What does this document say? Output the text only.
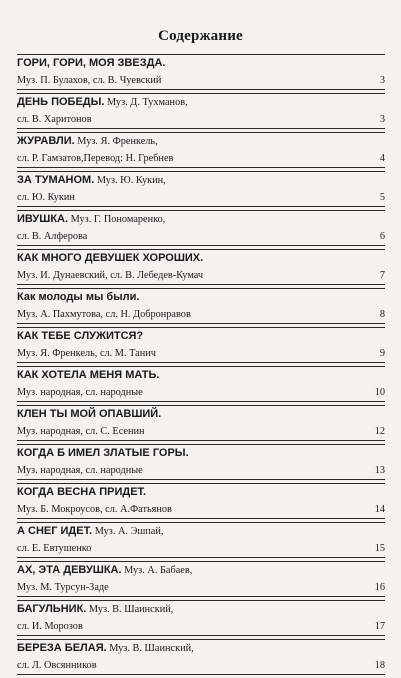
Содержание
ГОРИ, ГОРИ, МОЯ ЗВЕЗДА.
Муз. П. Булахов, сл. В. Чуевский	3
ДЕНЬ ПОБЕДЫ. Муз. Д. Тухманов,
сл. В. Харитонов	3
ЖУРАВЛИ. Муз. Я. Френкель,
сл. Р. Гамзатов,Перевод: Н. Гребнев	4
ЗА ТУМАНОМ. Муз. Ю. Кукин,
сл. Ю. Кукин	5
ИВУШКА. Муз. Г. Пономаренко,
сл. В. Алферова	6
КАК МНОГО ДЕВУШЕК ХОРОШИХ.
Муз. И. Дунаевский, сл. В. Лебедев-Кумач	7
Как молоды мы были.
Муз. А. Пахмутова, сл. Н. Добронравов	8
КАК ТЕБЕ СЛУЖИТСЯ?
Муз. Я. Френкель, сл. М. Танич	9
КАК ХОТЕЛА МЕНЯ МАТЬ.
Муз. народная, сл. народные	10
КЛЕН ТЫ МОЙ ОПАВШИЙ.
Муз. народная, сл. С. Есенин	12
КОГДА Б ИМЕЛ ЗЛАТЫЕ ГОРЫ.
Муз. народная, сл. народные	13
КОГДА ВЕСНА ПРИДЕТ.
Муз. Б. Мокроусов, сл. А.Фатьянов	14
А СНЕГ ИДЕТ. Муз. А. Эшпай,
сл. Е. Евтушенко	15
АХ, ЭТА ДЕВУШКА. Муз. А. Бабаев,
Муз. М. Турсун-Заде	16
БАГУЛЬНИК. Муз. В. Шаинский,
сл. И. Морозов	17
БЕРЕЗА БЕЛАЯ. Муз. В. Шаинский,
сл. Л. Овсянников	18
